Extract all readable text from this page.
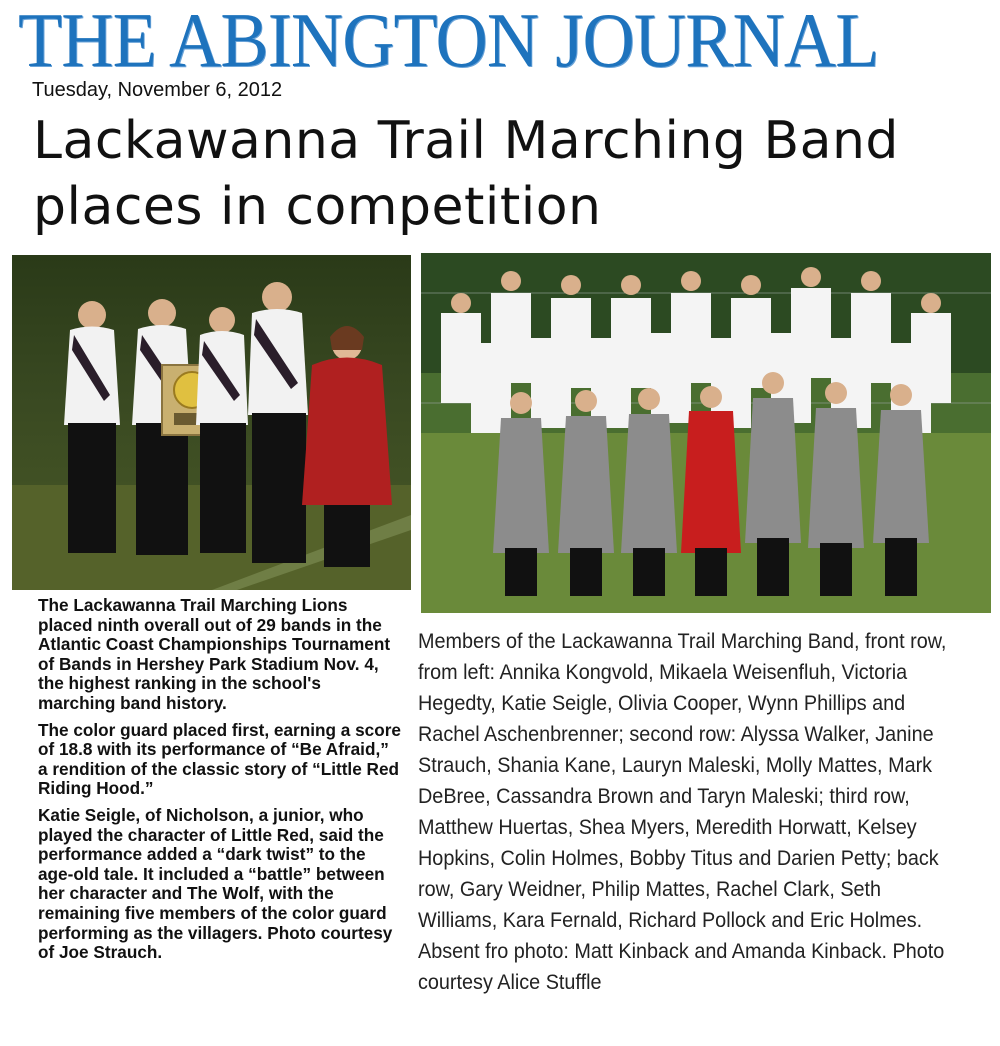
THE ABINGTON JOURNAL
Tuesday, November 6, 2012
Lackawanna Trail Marching Band places in competition

The Lackawanna Trail Marching Lions placed ninth overall out of 29 bands in the Atlantic Coast Championships Tournament of Bands in Hershey Park Stadium Nov. 4, the highest ranking in the school's marching band history.

The color guard placed first, earning a score of 18.8 with its performance of “Be Afraid,” a rendition of the classic story of “Little Red Riding Hood.”

Katie Seigle, of Nicholson, a junior, who played the character of Little Red, said the performance added a “dark twist” to the age-old tale. It included a “battle” between her character and The Wolf, with the remaining five members of the color guard performing as the villagers. Photo courtesy of Joe Strauch.

Members of the Lackawanna Trail Marching Band, front row, from left: Annika Kongvold, Mikaela Weisenfluh, Victoria Hegedty, Katie Seigle, Olivia Cooper, Wynn Phillips and Rachel Aschenbrenner; second row: Alyssa Walker, Janine Strauch, Shania Kane, Lauryn Maleski, Molly Mattes, Mark DeBree, Cassandra Brown and Taryn Maleski; third row, Matthew Huertas, Shea Myers, Meredith Horwatt, Kelsey Hopkins, Colin Holmes, Bobby Titus and Darien Petty; back row, Gary Weidner, Philip Mattes, Rachel Clark, Seth Williams, Kara Fernald, Richard Pollock and Eric Holmes. Absent fro photo: Matt Kinback and Amanda Kinback. Photo courtesy Alice Stuffle
